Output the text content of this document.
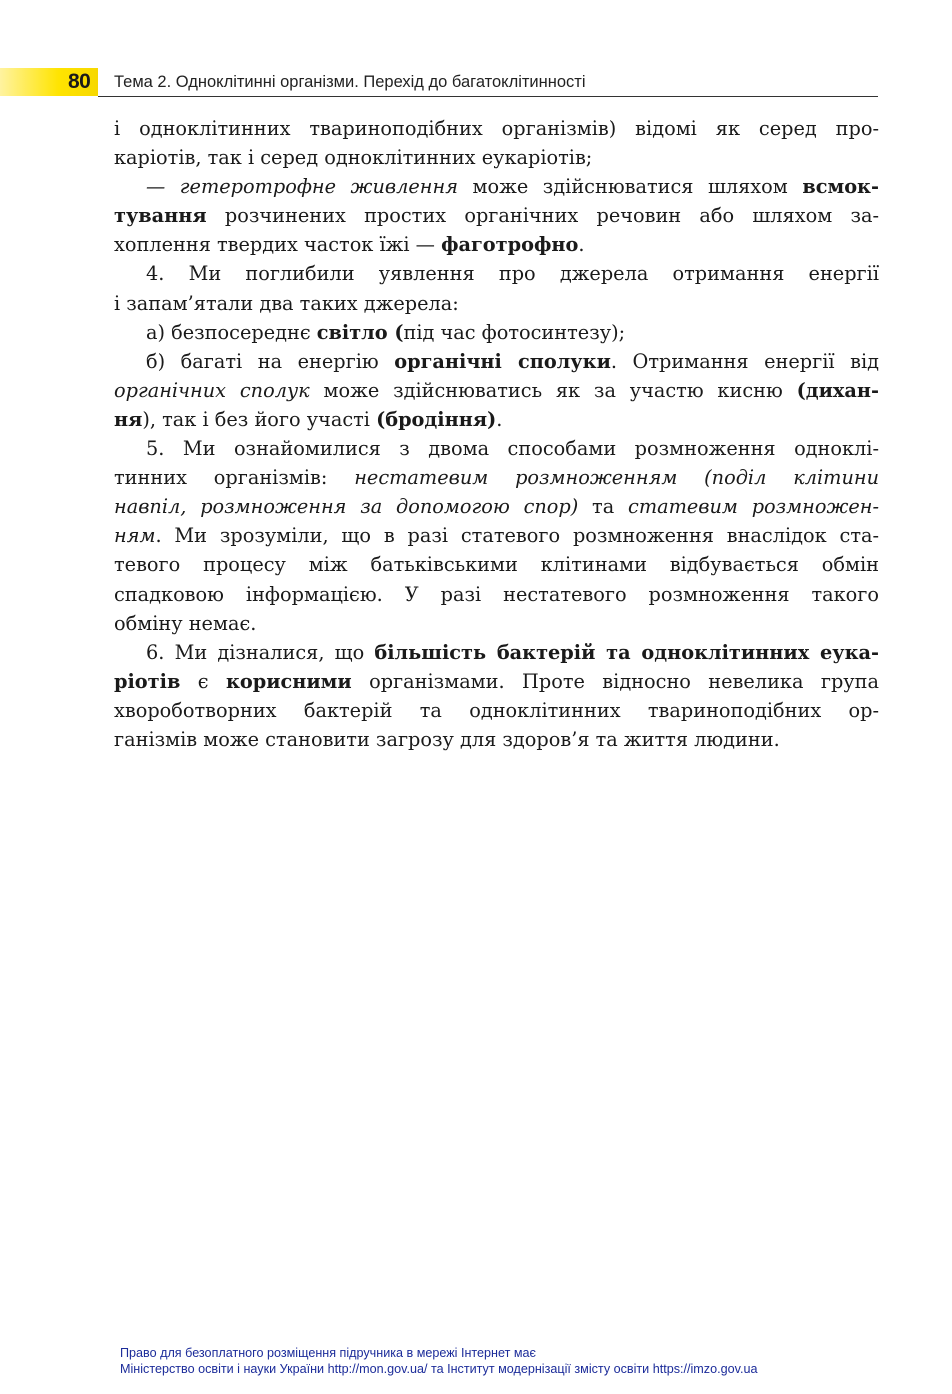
80 Тема 2. Одноклітинні організми. Перехід до багатоклітинності
і одноклітинних твариноподібних організмів) відомі як серед про-
каріотів, так і серед одноклітинних еукаріотів;
— гетеротрофне живлення може здійснюватися шляхом всмок-
тування розчинених простих органічних речовин або шляхом за-
хоплення твердих часток їжі — фаготрофно.
4. Ми поглибили уявлення про джерела отримання енергії
і запам’ятали два таких джерела:
а) безпосереднє світло (під час фотосинтезу);
б) багаті на енергію органічні сполуки. Отримання енергії від
органічних сполук може здійснюватись як за участю кисню (дихан-
ня), так і без його участі (бродіння).
5. Ми ознайомилися з двома способами розмноження одноклі-
тинних організмів: нестатевим розмноженням (поділ клітини
навпіл, розмноження за допомогою спор) та статевим розмножен-
ням. Ми зрозуміли, що в разі статевого розмноження внаслідок ста-
тевого процесу між батьківськими клітинами відбувається обмін
спадковою інформацією. У разі нестатевого розмноження такого
обміну немає.
6. Ми дізналися, що більшість бактерій та одноклітинних еука-
ріотів є корисними організмами. Проте відносно невелика група
хвороботворних бактерій та одноклітинних твариноподібних ор-
ганізмів може становити загрозу для здоров’я та життя людини.
Право для безоплатного розміщення підручника в мережі Інтернет має
Міністерство освіти і науки України http://mon.gov.ua/ та Інститут модернізації змісту освіти https://imzo.gov.ua
